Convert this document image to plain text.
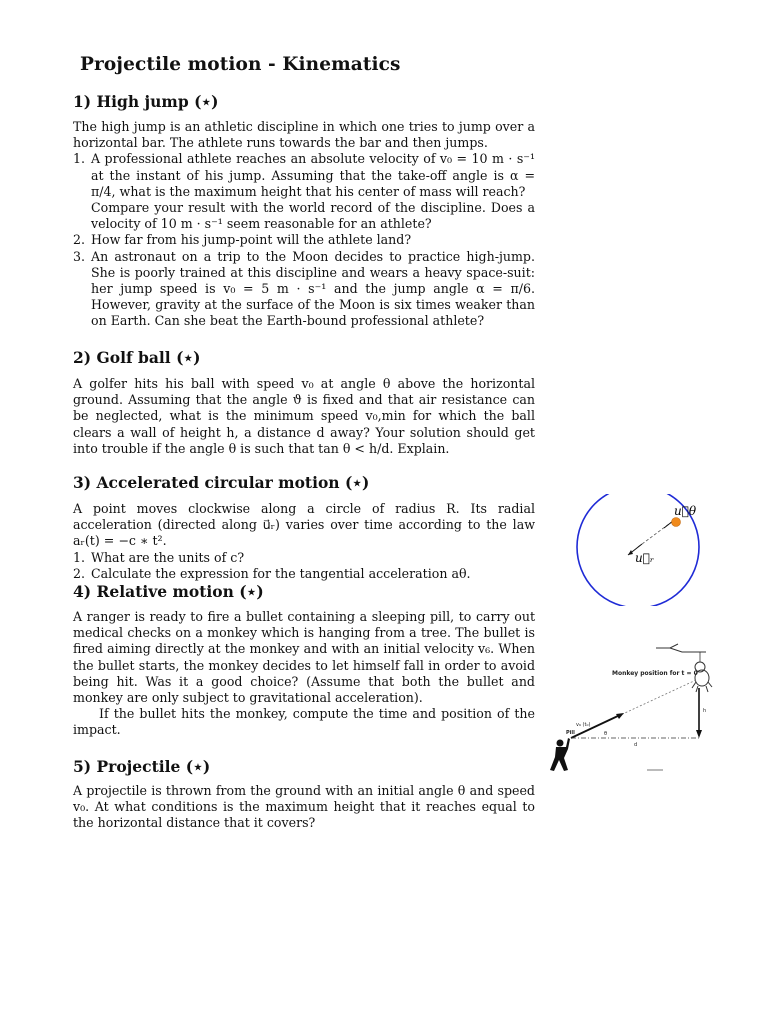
Projectile motion - Kinematics
1) High jump (⋆)
The high jump is an athletic discipline in which one tries to jump over a horizontal bar. The athlete runs towards the bar and then jumps.
1. A professional athlete reaches an absolute velocity of v₀ = 10 m · s⁻¹ at the instant of his jump. Assuming that the take-off angle is α = π/4, what is the maximum height that his center of mass will reach?
Compare your result with the world record of the discipline. Does a velocity of 10 m · s⁻¹ seem reasonable for an athlete?
2. How far from his jump-point will the athlete land?
3. An astronaut on a trip to the Moon decides to practice high-jump. She is poorly trained at this discipline and wears a heavy space-suit: her jump speed is v₀ = 5 m · s⁻¹ and the jump angle α = π/6. However, gravity at the surface of the Moon is six times weaker than on Earth. Can she beat the Earth-bound professional athlete?
2) Golf ball (⋆)
A golfer hits his ball with speed v₀ at angle θ above the horizontal ground. Assuming that the angle ϑ is fixed and that air resistance can be neglected, what is the minimum speed v₀,min for which the ball clears a wall of height h, a distance d away? Your solution should get into trouble if the angle θ is such that tan θ < h/d. Explain.
3) Accelerated circular motion (⋆)
A point moves clockwise along a circle of radius R. Its radial acceleration (directed along u⃗ᵣ) varies over time according to the law aᵣ(t) = −c ∗ t².
1. What are the units of c?
2. Calculate the expression for the tangential acceleration aθ.
4) Relative motion (⋆)
A ranger is ready to fire a bullet containing a sleeping pill, to carry out medical checks on a monkey which is hanging from a tree. The bullet is fired aiming directly at the monkey and with an initial velocity v₆. When the bullet starts, the monkey decides to let himself fall in order to avoid being hit. Was it a good choice? (Assume that both the bullet and monkey are only subject to gravitational acceleration).
If the bullet hits the monkey, compute the time and position of the impact.
5) Projectile (⋆)
A projectile is thrown from the ground with an initial angle θ and speed v₀. At what conditions is the maximum height that it reaches equal to the horizontal distance that it covers?
u⃗θ
u⃗ᵣ
Monkey position for t = 0
h
d
θ
v₆ (t₀)
Pill
